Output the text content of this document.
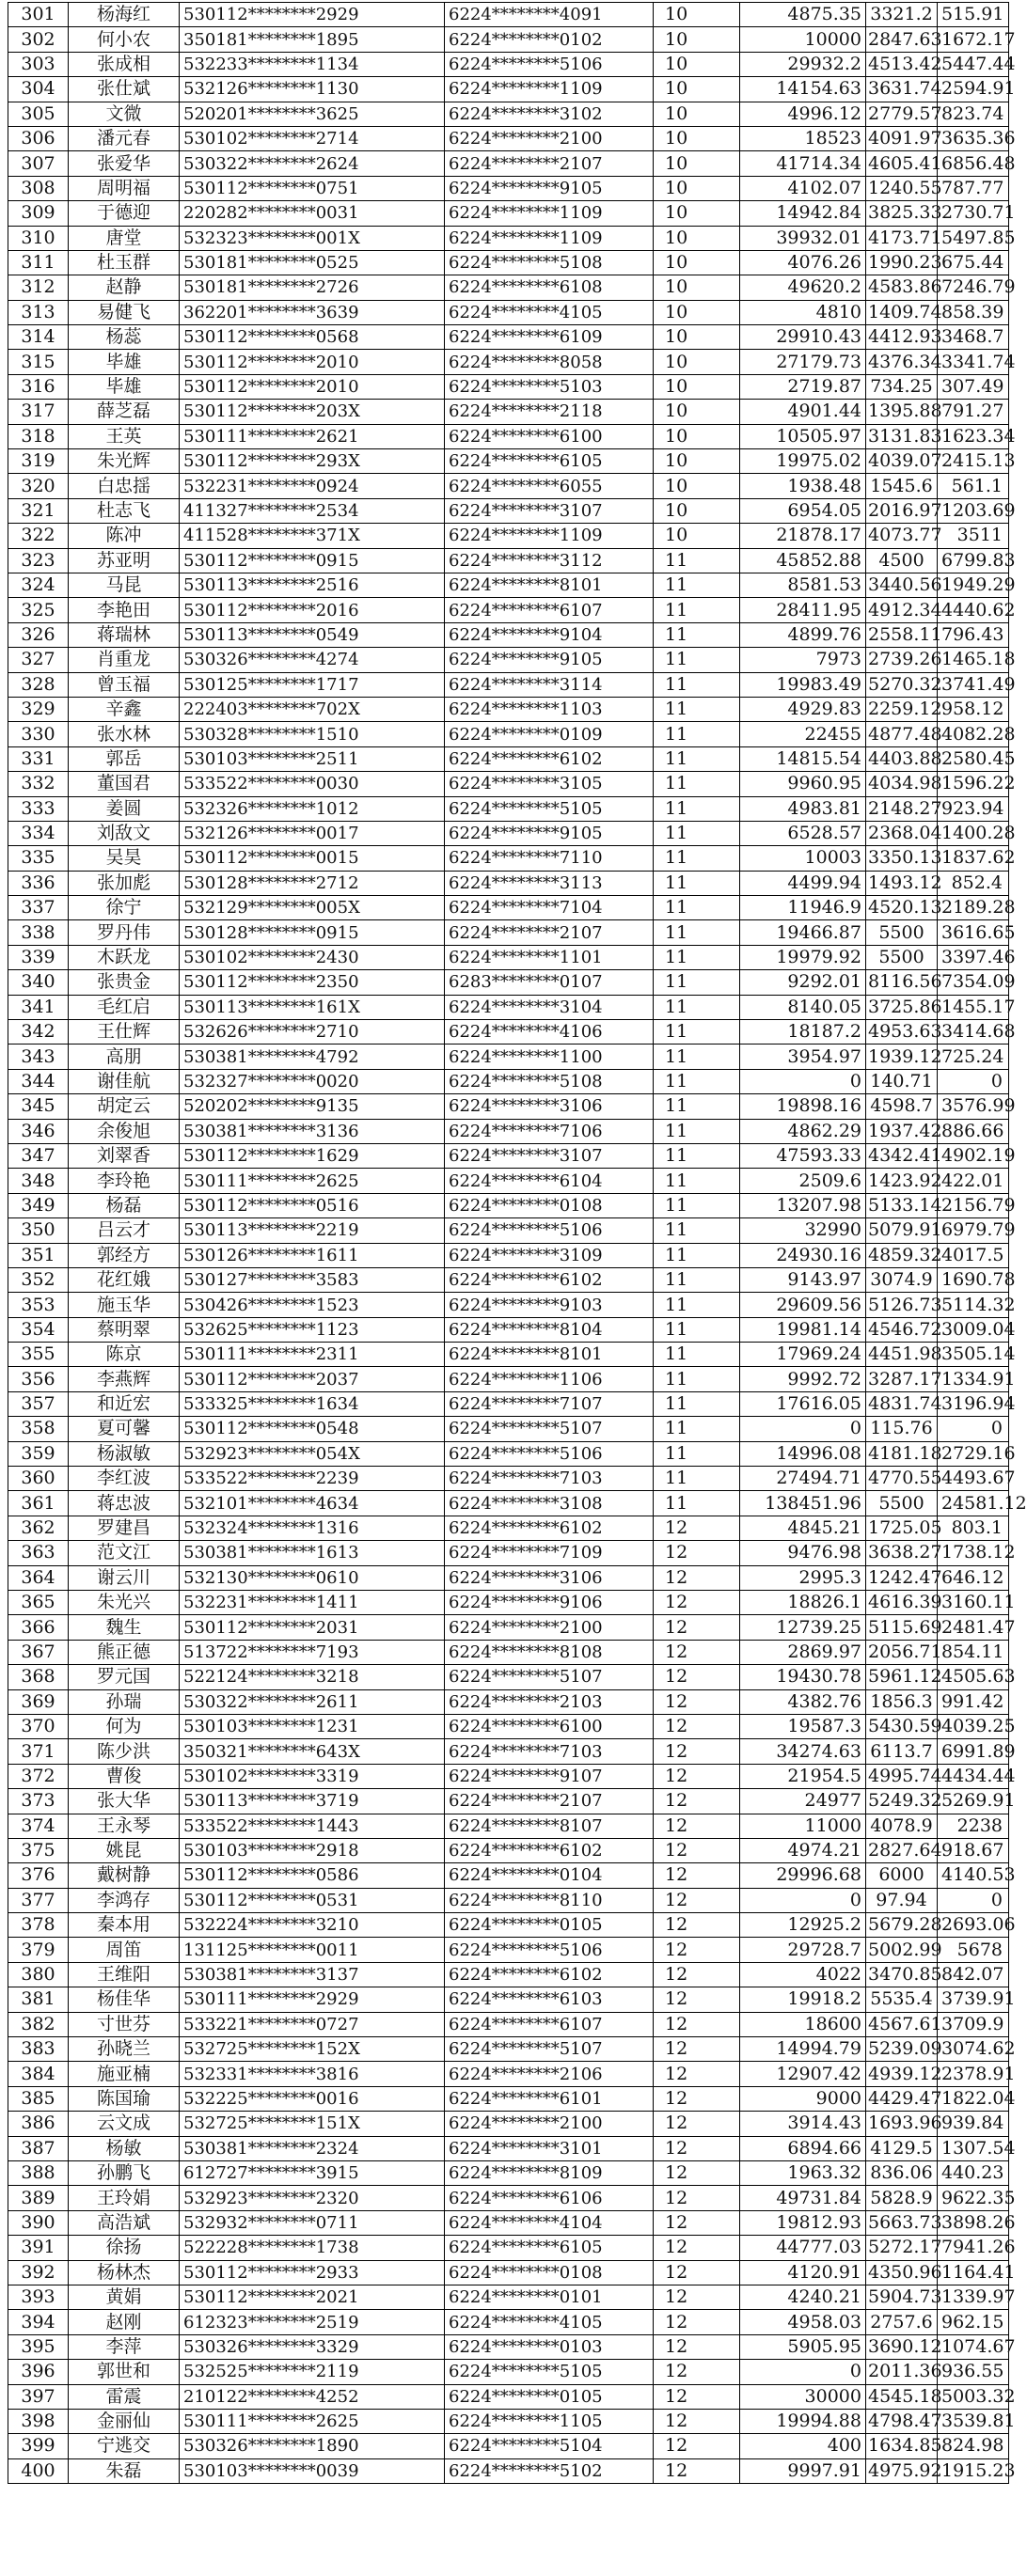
301	杨海红	530112********2929	6224********4091	10	4875.35	3321.2	515.91
302	何小农	350181********1895	6224********0102	10	10000	2847.63	1672.17
303	张成相	532233********1134	6224********5106	10	29932.2	4513.42	5447.44
304	张仕斌	532126********1130	6224********1109	10	14154.63	3631.74	2594.91
305	文微	520201********3625	6224********3102	10	4996.12	2779.57	823.74
306	潘元春	530102********2714	6224********2100	10	18523	4091.97	3635.36
307	张爱华	530322********2624	6224********2107	10	41714.34	4605.41	6856.48
308	周明福	530112********0751	6224********9105	10	4102.07	1240.55	787.77
309	于德迎	220282********0031	6224********1109	10	14942.84	3825.33	2730.71
310	唐堂	532323********001X	6224********1109	10	39932.01	4173.71	5497.85
311	杜玉群	530181********0525	6224********5108	10	4076.26	1990.23	675.44
312	赵静	530181********2726	6224********6108	10	49620.2	4583.86	7246.79
313	易健飞	362201********3639	6224********4105	10	4810	1409.74	858.39
314	杨蕊	530112********0568	6224********6109	10	29910.43	4412.93	3468.7
315	毕雄	530112********2010	6224********8058	10	27179.73	4376.34	3341.74
316	毕雄	530112********2010	6224********5103	10	2719.87	734.25	307.49
317	薛芝磊	530112********203X	6224********2118	10	4901.44	1395.88	791.27
318	王英	530111********2621	6224********6100	10	10505.97	3131.83	1623.34
319	朱光辉	530112********293X	6224********6105	10	19975.02	4039.07	2415.13
320	白忠揺	532231********0924	6224********6055	10	1938.48	1545.6	561.1
321	杜志飞	411327********2534	6224********3107	10	6954.05	2016.97	1203.69
322	陈冲	411528********371X	6224********1109	10	21878.17	4073.77	3511
323	苏亚明	530112********0915	6224********3112	11	45852.88	4500	6799.83
324	马昆	530113********2516	6224********8101	11	8581.53	3440.56	1949.29
325	李艳田	530112********2016	6224********6107	11	28411.95	4912.34	4440.62
326	蒋瑞林	530113********0549	6224********9104	11	4899.76	2558.11	796.43
327	肖重龙	530326********4274	6224********9105	11	7973	2739.26	1465.18
328	曾玉福	530125********1717	6224********3114	11	19983.49	5270.32	3741.49
329	辛鑫	222403********702X	6224********1103	11	4929.83	2259.12	958.12
330	张水林	530328********1510	6224********0109	11	22455	4877.48	4082.28
331	郭岳	530103********2511	6224********6102	11	14815.54	4403.88	2580.45
332	董国君	533522********0030	6224********3105	11	9960.95	4034.98	1596.22
333	姜圆	532326********1012	6224********5105	11	4983.81	2148.27	923.94
334	刘敌文	532126********0017	6224********9105	11	6528.57	2368.04	1400.28
335	吴昊	530112********0015	6224********7110	11	10003	3350.13	1837.62
336	张加彪	530128********2712	6224********3113	11	4499.94	1493.12	852.4
337	徐宁	532129********005X	6224********7104	11	11946.9	4520.13	2189.28
338	罗丹伟	530128********0915	6224********2107	11	19466.87	5500	3616.65
339	木跃龙	530102********2430	6224********1101	11	19979.92	5500	3397.46
340	张贵金	530112********2350	6283********0107	11	9292.01	8116.56	7354.09
341	毛红启	530113********161X	6224********3104	11	8140.05	3725.86	1455.17
342	王仕辉	532626********2710	6224********4106	11	18187.2	4953.63	3414.68
343	高朋	530381********4792	6224********1100	11	3954.97	1939.12	725.24
344	谢佳航	532327********0020	6224********5108	11	0	140.71	0
345	胡定云	520202********9135	6224********3106	11	19898.16	4598.7	3576.99
346	余俊旭	530381********3136	6224********7106	11	4862.29	1937.42	886.66
347	刘翠香	530112********1629	6224********3107	11	47593.33	4342.41	4902.19
348	李玲艳	530111********2625	6224********6104	11	2509.6	1423.92	422.01
349	杨磊	530112********0516	6224********0108	11	13207.98	5133.14	2156.79
350	吕云才	530113********2219	6224********5106	11	32990	5079.91	6979.79
351	郭经方	530126********1611	6224********3109	11	24930.16	4859.32	4017.5
352	花红娥	530127********3583	6224********6102	11	9143.97	3074.9	1690.78
353	施玉华	530426********1523	6224********9103	11	29609.56	5126.73	5114.32
354	蔡明翠	532625********1123	6224********8104	11	19981.14	4546.72	3009.04
355	陈京	530111********2311	6224********8101	11	17969.24	4451.98	3505.14
356	李燕辉	530112********2037	6224********1106	11	9992.72	3287.17	1334.91
357	和近宏	533325********1634	6224********7107	11	17616.05	4831.74	3196.94
358	夏可馨	530112********0548	6224********5107	11	0	115.76	0
359	杨淑敏	532923********054X	6224********5106	11	14996.08	4181.18	2729.16
360	李红波	533522********2239	6224********7103	11	27494.71	4770.55	4493.67
361	蒋忠波	532101********4634	6224********3108	11	138451.96	5500	24581.12
362	罗建昌	532324********1316	6224********6102	12	4845.21	1725.05	803.1
363	范文江	530381********1613	6224********7109	12	9476.98	3638.27	1738.12
364	谢云川	532130********0610	6224********3106	12	2995.3	1242.47	646.12
365	朱光兴	532231********1411	6224********9106	12	18826.1	4616.39	3160.11
366	魏生	530112********2031	6224********2100	12	12739.25	5115.69	2481.47
367	熊正德	513722********7193	6224********8108	12	2869.97	2056.71	854.11
368	罗元国	522124********3218	6224********5107	12	19430.78	5961.12	4505.63
369	孙瑞	530322********2611	6224********2103	12	4382.76	1856.3	991.42
370	何为	530103********1231	6224********6100	12	19587.3	5430.59	4039.25
371	陈少洪	350321********643X	6224********7103	12	34274.63	6113.7	6991.89
372	曹俊	530102********3319	6224********9107	12	21954.5	4995.74	4434.44
373	张大华	530113********3719	6224********2107	12	24977	5249.32	5269.91
374	王永琴	533522********1443	6224********8107	12	11000	4078.9	2238
375	姚昆	530103********2918	6224********6102	12	4974.21	2827.64	918.67
376	戴树静	530112********0586	6224********0104	12	29996.68	6000	4140.53
377	李鸿存	530112********0531	6224********8110	12	0	97.94	0
378	秦本用	532224********3210	6224********0105	12	12925.2	5679.28	2693.06
379	周笛	131125********0011	6224********5106	12	29728.7	5002.99	5678
380	王维阳	530381********3137	6224********6102	12	4022	3470.85	842.07
381	杨佳华	530111********2929	6224********6103	12	19918.2	5535.4	3739.91
382	寸世芬	533221********0727	6224********6107	12	18600	4567.61	3709.9
383	孙晓兰	532725********152X	6224********5107	12	14994.79	5239.09	3074.62
384	施亚楠	532331********3816	6224********2106	12	12907.42	4939.12	2378.91
385	陈国瑜	532225********0016	6224********6101	12	9000	4429.47	1822.04
386	云文成	532725********151X	6224********2100	12	3914.43	1693.96	939.84
387	杨敏	530381********2324	6224********3101	12	6894.66	4129.5	1307.54
388	孙鹏飞	612727********3915	6224********8109	12	1963.32	836.06	440.23
389	王玲娟	532923********2320	6224********6106	12	49731.84	5828.9	9622.35
390	高浩斌	532932********0711	6224********4104	12	19812.93	5663.73	3898.26
391	徐扬	522228********1738	6224********6105	12	44777.03	5272.17	7941.26
392	杨林杰	530112********2933	6224********0108	12	4120.91	4350.96	1164.41
393	黄娟	530112********2021	6224********0101	12	4240.21	5904.73	1339.97
394	赵刚	612323********2519	6224********4105	12	4958.03	2757.6	962.15
395	李萍	530326********3329	6224********0103	12	5905.95	3690.12	1074.67
396	郭世和	532525********2119	6224********5105	12	0	2011.36	936.55
397	雷震	210122********4252	6224********0105	12	30000	4545.18	5003.32
398	金丽仙	530111********2625	6224********1105	12	19994.88	4798.47	3539.81
399	宁逃交	530326********1890	6224********5104	12	400	1634.85	824.98
400	朱磊	530103********0039	6224********5102	12	9997.91	4975.92	1915.23
